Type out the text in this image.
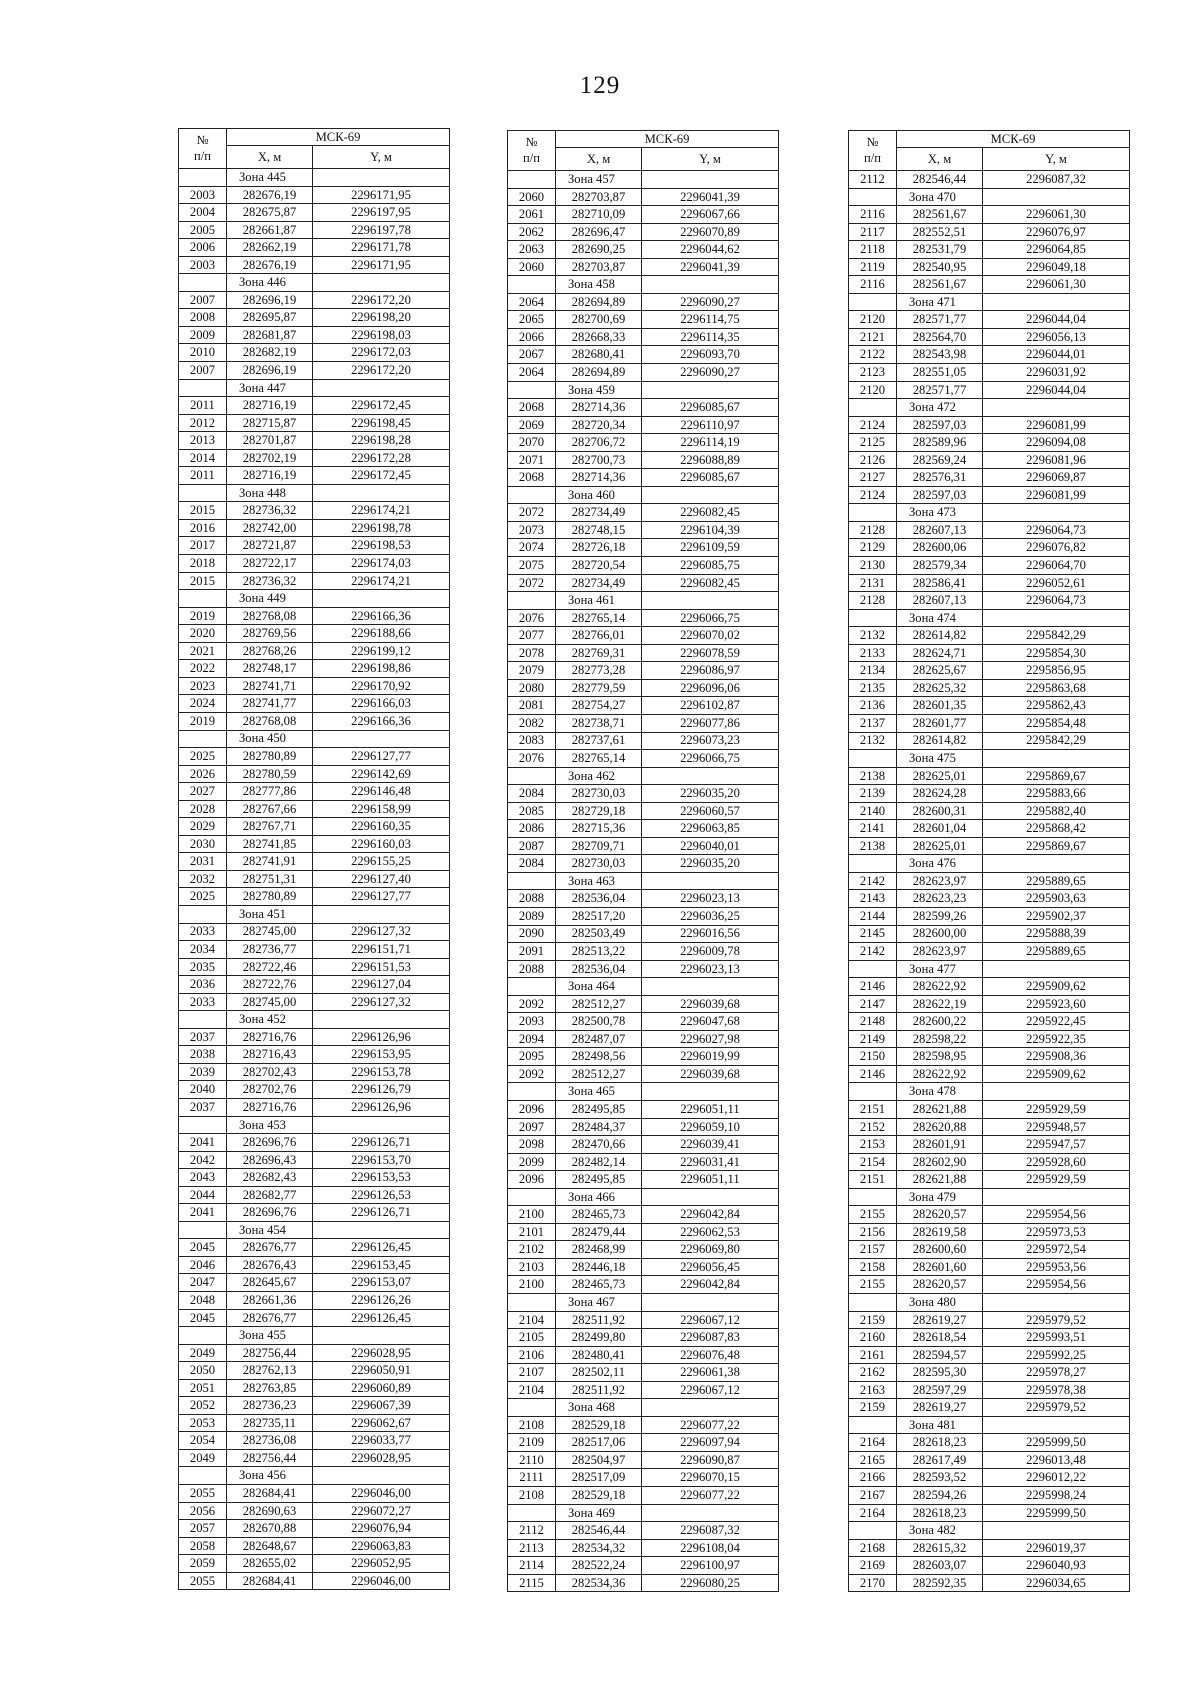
129
№
п/п	МСК-69	
	X, м	Y, м
	Зона 445	
2003	282676,19	2296171,95
2004	282675,87	2296197,95
2005	282661,87	2296197,78
2006	282662,19	2296171,78
2003	282676,19	2296171,95
	Зона 446	
2007	282696,19	2296172,20
2008	282695,87	2296198,20
2009	282681,87	2296198,03
2010	282682,19	2296172,03
2007	282696,19	2296172,20
	Зона 447	
2011	282716,19	2296172,45
2012	282715,87	2296198,45
2013	282701,87	2296198,28
2014	282702,19	2296172,28
2011	282716,19	2296172,45
	Зона 448	
2015	282736,32	2296174,21
2016	282742,00	2296198,78
2017	282721,87	2296198,53
2018	282722,17	2296174,03
2015	282736,32	2296174,21
	Зона 449	
2019	282768,08	2296166,36
2020	282769,56	2296188,66
2021	282768,26	2296199,12
2022	282748,17	2296198,86
2023	282741,71	2296170,92
2024	282741,77	2296166,03
2019	282768,08	2296166,36
	Зона 450	
2025	282780,89	2296127,77
2026	282780,59	2296142,69
2027	282777,86	2296146,48
2028	282767,66	2296158,99
2029	282767,71	2296160,35
2030	282741,85	2296160,03
2031	282741,91	2296155,25
2032	282751,31	2296127,40
2025	282780,89	2296127,77
	Зона 451	
2033	282745,00	2296127,32
2034	282736,77	2296151,71
2035	282722,46	2296151,53
2036	282722,76	2296127,04
2033	282745,00	2296127,32
	Зона 452	
2037	282716,76	2296126,96
2038	282716,43	2296153,95
2039	282702,43	2296153,78
2040	282702,76	2296126,79
2037	282716,76	2296126,96
	Зона 453	
2041	282696,76	2296126,71
2042	282696,43	2296153,70
2043	282682,43	2296153,53
2044	282682,77	2296126,53
2041	282696,76	2296126,71
	Зона 454	
2045	282676,77	2296126,45
2046	282676,43	2296153,45
2047	282645,67	2296153,07
2048	282661,36	2296126,26
2045	282676,77	2296126,45
	Зона 455	
2049	282756,44	2296028,95
2050	282762,13	2296050,91
2051	282763,85	2296060,89
2052	282736,23	2296067,39
2053	282735,11	2296062,67
2054	282736,08	2296033,77
2049	282756,44	2296028,95
	Зона 456	
2055	282684,41	2296046,00
2056	282690,63	2296072,27
2057	282670,88	2296076,94
2058	282648,67	2296063,83
2059	282655,02	2296052,95
2055	282684,41	2296046,00
№
п/п	МСК-69	
	X, м	Y, м
	Зона 457	
2060	282703,87	2296041,39
2061	282710,09	2296067,66
2062	282696,47	2296070,89
2063	282690,25	2296044,62
2060	282703,87	2296041,39
	Зона 458	
2064	282694,89	2296090,27
2065	282700,69	2296114,75
2066	282668,33	2296114,35
2067	282680,41	2296093,70
2064	282694,89	2296090,27
	Зона 459	
2068	282714,36	2296085,67
2069	282720,34	2296110,97
2070	282706,72	2296114,19
2071	282700,73	2296088,89
2068	282714,36	2296085,67
	Зона 460	
2072	282734,49	2296082,45
2073	282748,15	2296104,39
2074	282726,18	2296109,59
2075	282720,54	2296085,75
2072	282734,49	2296082,45
	Зона 461	
2076	282765,14	2296066,75
2077	282766,01	2296070,02
2078	282769,31	2296078,59
2079	282773,28	2296086,97
2080	282779,59	2296096,06
2081	282754,27	2296102,87
2082	282738,71	2296077,86
2083	282737,61	2296073,23
2076	282765,14	2296066,75
	Зона 462	
2084	282730,03	2296035,20
2085	282729,18	2296060,57
2086	282715,36	2296063,85
2087	282709,71	2296040,01
2084	282730,03	2296035,20
	Зона 463	
2088	282536,04	2296023,13
2089	282517,20	2296036,25
2090	282503,49	2296016,56
2091	282513,22	2296009,78
2088	282536,04	2296023,13
	Зона 464	
2092	282512,27	2296039,68
2093	282500,78	2296047,68
2094	282487,07	2296027,98
2095	282498,56	2296019,99
2092	282512,27	2296039,68
	Зона 465	
2096	282495,85	2296051,11
2097	282484,37	2296059,10
2098	282470,66	2296039,41
2099	282482,14	2296031,41
2096	282495,85	2296051,11
	Зона 466	
2100	282465,73	2296042,84
2101	282479,44	2296062,53
2102	282468,99	2296069,80
2103	282446,18	2296056,45
2100	282465,73	2296042,84
	Зона 467	
2104	282511,92	2296067,12
2105	282499,80	2296087,83
2106	282480,41	2296076,48
2107	282502,11	2296061,38
2104	282511,92	2296067,12
	Зона 468	
2108	282529,18	2296077,22
2109	282517,06	2296097,94
2110	282504,97	2296090,87
2111	282517,09	2296070,15
2108	282529,18	2296077,22
	Зона 469	
2112	282546,44	2296087,32
2113	282534,32	2296108,04
2114	282522,24	2296100,97
2115	282534,36	2296080,25
№
п/п	МСК-69	
	X, м	Y, м
2112	282546,44	2296087,32
	Зона 470	
2116	282561,67	2296061,30
2117	282552,51	2296076,97
2118	282531,79	2296064,85
2119	282540,95	2296049,18
2116	282561,67	2296061,30
	Зона 471	
2120	282571,77	2296044,04
2121	282564,70	2296056,13
2122	282543,98	2296044,01
2123	282551,05	2296031,92
2120	282571,77	2296044,04
	Зона 472	
2124	282597,03	2296081,99
2125	282589,96	2296094,08
2126	282569,24	2296081,96
2127	282576,31	2296069,87
2124	282597,03	2296081,99
	Зона 473	
2128	282607,13	2296064,73
2129	282600,06	2296076,82
2130	282579,34	2296064,70
2131	282586,41	2296052,61
2128	282607,13	2296064,73
	Зона 474	
2132	282614,82	2295842,29
2133	282624,71	2295854,30
2134	282625,67	2295856,95
2135	282625,32	2295863,68
2136	282601,35	2295862,43
2137	282601,77	2295854,48
2132	282614,82	2295842,29
	Зона 475	
2138	282625,01	2295869,67
2139	282624,28	2295883,66
2140	282600,31	2295882,40
2141	282601,04	2295868,42
2138	282625,01	2295869,67
	Зона 476	
2142	282623,97	2295889,65
2143	282623,23	2295903,63
2144	282599,26	2295902,37
2145	282600,00	2295888,39
2142	282623,97	2295889,65
	Зона 477	
2146	282622,92	2295909,62
2147	282622,19	2295923,60
2148	282600,22	2295922,45
2149	282598,22	2295922,35
2150	282598,95	2295908,36
2146	282622,92	2295909,62
	Зона 478	
2151	282621,88	2295929,59
2152	282620,88	2295948,57
2153	282601,91	2295947,57
2154	282602,90	2295928,60
2151	282621,88	2295929,59
	Зона 479	
2155	282620,57	2295954,56
2156	282619,58	2295973,53
2157	282600,60	2295972,54
2158	282601,60	2295953,56
2155	282620,57	2295954,56
	Зона 480	
2159	282619,27	2295979,52
2160	282618,54	2295993,51
2161	282594,57	2295992,25
2162	282595,30	2295978,27
2163	282597,29	2295978,38
2159	282619,27	2295979,52
	Зона 481	
2164	282618,23	2295999,50
2165	282617,49	2296013,48
2166	282593,52	2296012,22
2167	282594,26	2295998,24
2164	282618,23	2295999,50
	Зона 482	
2168	282615,32	2296019,37
2169	282603,07	2296040,93
2170	282592,35	2296034,65
